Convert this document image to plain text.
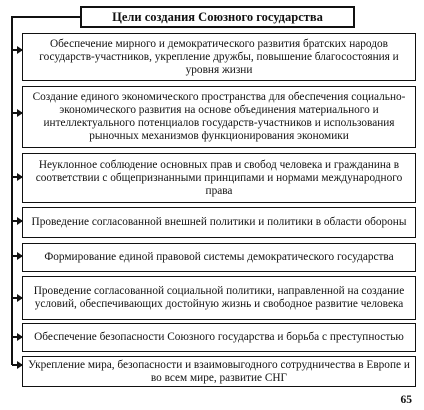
Цели создания Союзного государства
Обеспечение мирного и демократического развития братских народов государств-участников, укрепление дружбы, повышение благосостояния и уровня жизни
Создание единого экономического пространства для обеспечения социально-экономического развития на основе объединения материального и интеллектуального потенциалов государств-участников и использования рыночных механизмов функционирования экономики
Неуклонное соблюдение основных прав и свобод человека и гражданина в соответствии с общепризнанными принципами и нормами международного права
Проведение согласованной внешней политики и политики в области обороны
Формирование единой правовой системы демократического государства
Проведение согласованной социальной политики, направленной на создание условий, обеспечивающих достойную жизнь и свободное развитие человека
Обеспечение безопасности Союзного государства и борьба с преступностью
Укрепление мира, безопасности и взаимовыгодного сотрудничества в Европе и во всем мире, развитие СНГ
65
